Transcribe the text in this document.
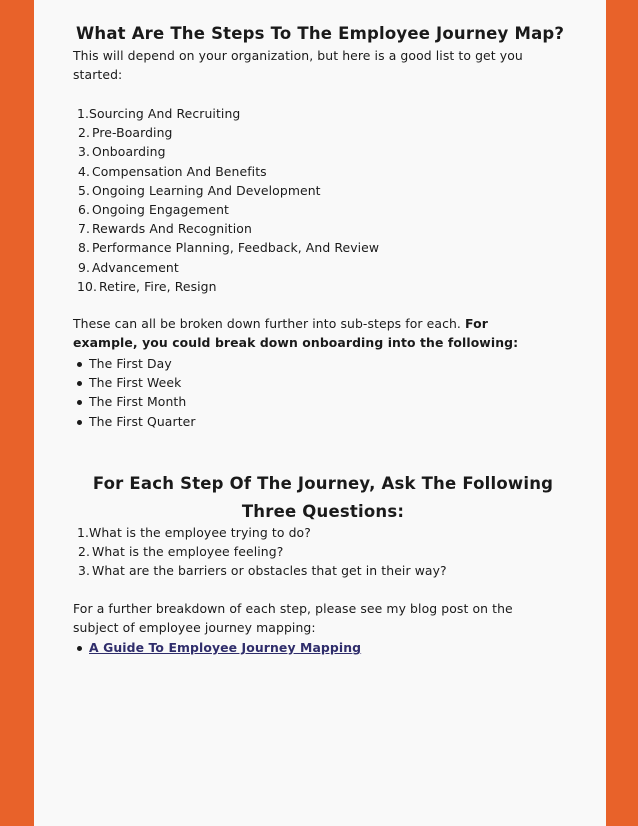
What Are The Steps To The Employee Journey Map?

This will depend on your organization, but here is a good list to get you started:

1.Sourcing And Recruiting
2. Pre-Boarding
3. Onboarding
4. Compensation And Benefits
5. Ongoing Learning And Development
6. Ongoing Engagement
7. Rewards And Recognition
8. Performance Planning, Feedback, And Review
9. Advancement
10. Retire, Fire, Resign

These can all be broken down further into sub-steps for each. For example, you could break down onboarding into the following:

The First Day
The First Week
The First Month
The First Quarter
For Each Step Of The Journey, Ask The Following Three Questions:
1.What is the employee trying to do?
2. What is the employee feeling?
3. What are the barriers or obstacles that get in their way?

For a further breakdown of each step, please see my blog post on the subject of employee journey mapping:

A Guide To Employee Journey Mapping
